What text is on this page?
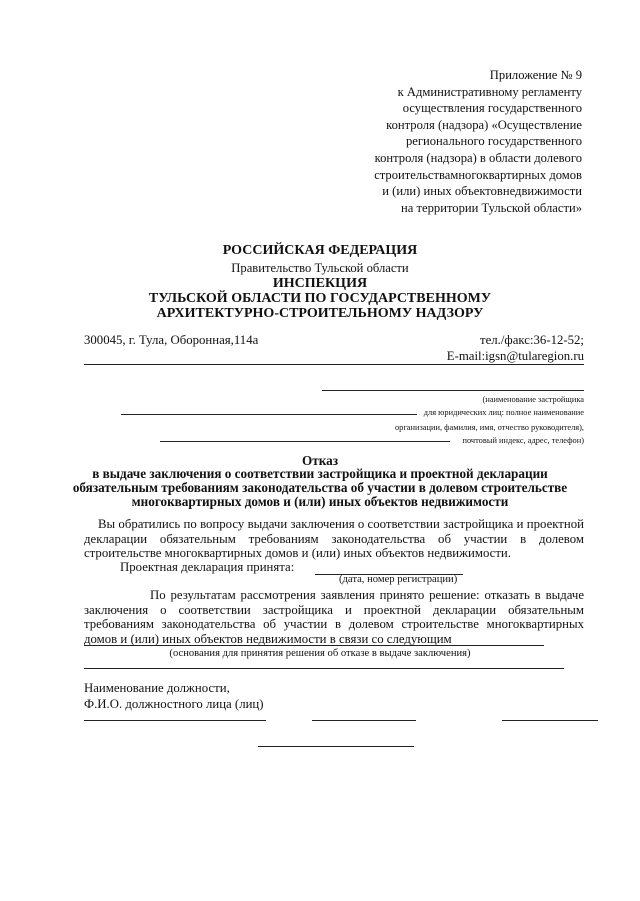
Приложение № 9
к Административному регламенту
осуществления государственного
контроля (надзора) «Осуществление
регионального государственного
контроля (надзора) в области долевого
строительствамногоквартирных домов
и (или) иных объектовнедвижимости
на территории Тульской области»
РОССИЙСКАЯ ФЕДЕРАЦИЯ
Правительство Тульской области
ИНСПЕКЦИЯ
ТУЛЬСКОЙ ОБЛАСТИ ПО ГОСУДАРСТВЕННОМУ
АРХИТЕКТУРНО-СТРОИТЕЛЬНОМУ НАДЗОРУ
300045, г. Тула, Оборонная,114а	тел./факс:36-12-52;
E-mail:igsn@tularegion.ru
(наименование застройщика
для юридических лиц: полное наименование
организации, фамилия, имя, отчество руководителя),
почтовый индекс, адрес, телефон)
Отказ
в выдаче заключения о соответствии застройщика и проектной декларации
обязательным требованиям законодательства об участии в долевом строительстве
многоквартирных домов и (или) иных объектов недвижимости
Вы обратились по вопросу выдачи заключения о соответствии застройщика и проектной декларации обязательным требованиям законодательства об участии в долевом строительстве многоквартирных домов и (или) иных объектов недвижимости.
Проектная декларация принята:
(дата, номер регистрации)
По результатам рассмотрения заявления принято решение: отказать в выдаче заключения о соответствии застройщика и проектной декларации обязательным требованиям законодательства об участии в долевом строительстве многоквартирных домов и (или) иных объектов недвижимости в связи со следующим
(основания для принятия решения об отказе в выдаче заключения)
Наименование должности,
Ф.И.О. должностного лица (лиц)
